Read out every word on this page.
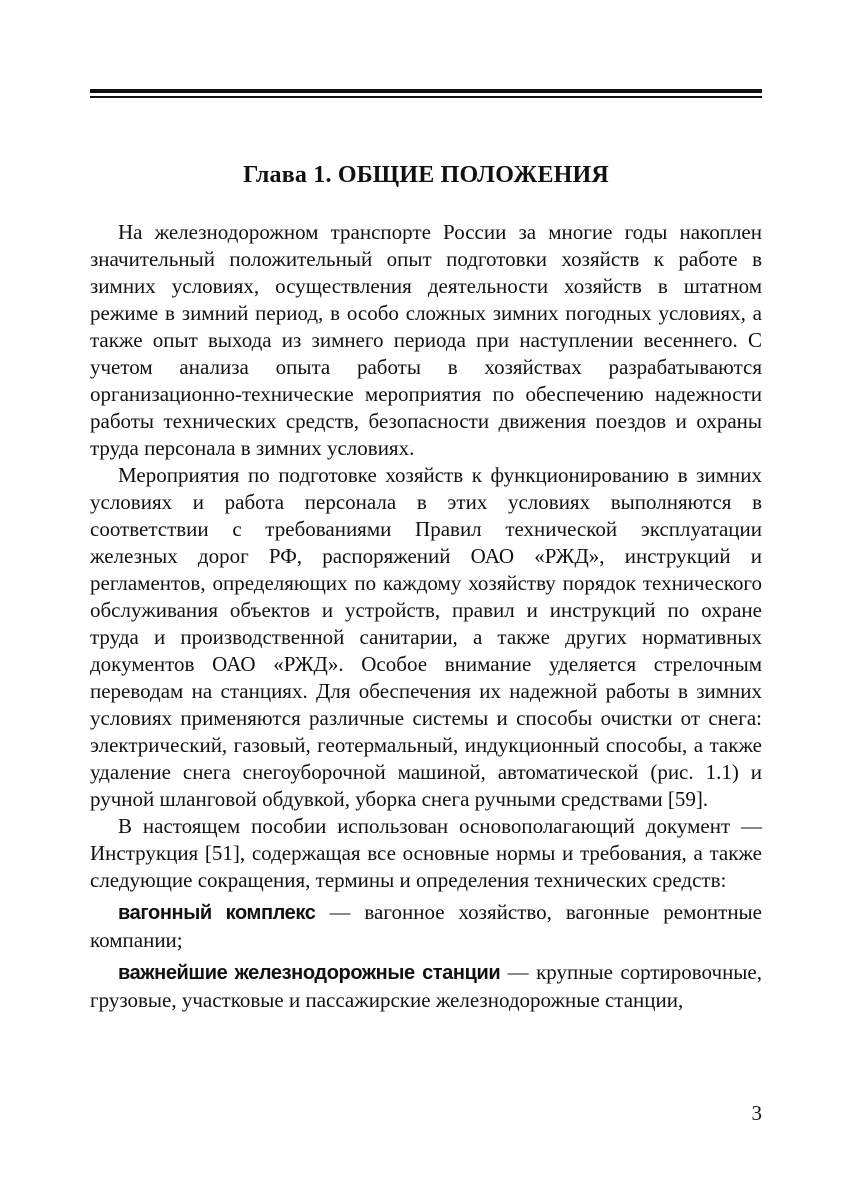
Глава 1. ОБЩИЕ ПОЛОЖЕНИЯ

На железнодорожном транспорте России за многие годы накоплен значительный положительный опыт подготовки хозяйств к работе в зимних условиях, осуществления деятельности хозяйств в штатном режиме в зимний период, в особо сложных зимних погодных условиях, а также опыт выхода из зимнего периода при наступлении весеннего. С учетом анализа опыта работы в хозяйствах разрабатываются организационно-технические мероприятия по обеспечению надежности работы технических средств, безопасности движения поездов и охраны труда персонала в зимних условиях.

Мероприятия по подготовке хозяйств к функционированию в зимних условиях и работа персонала в этих условиях выполняются в соответствии с требованиями Правил технической эксплуатации железных дорог РФ, распоряжений ОАО «РЖД», инструкций и регламентов, определяющих по каждому хозяйству порядок технического обслуживания объектов и устройств, правил и инструкций по охране труда и производственной санитарии, а также других нормативных документов ОАО «РЖД». Особое внимание уделяется стрелочным переводам на станциях. Для обеспечения их надежной работы в зимних условиях применяются различные системы и способы очистки от снега: электрический, газовый, геотермальный, индукционный способы, а также удаление снега снегоуборочной машиной, автоматической (рис. 1.1) и ручной шланговой обдувкой, уборка снега ручными средствами [59].

В настоящем пособии использован основополагающий документ — Инструкция [51], содержащая все основные нормы и требования, а также следующие сокращения, термины и определения технических средств:

вагонный комплекс — вагонное хозяйство, вагонные ремонтные компании;

важнейшие железнодорожные станции — крупные сортировочные, грузовые, участковые и пассажирские железнодорожные станции,

3
